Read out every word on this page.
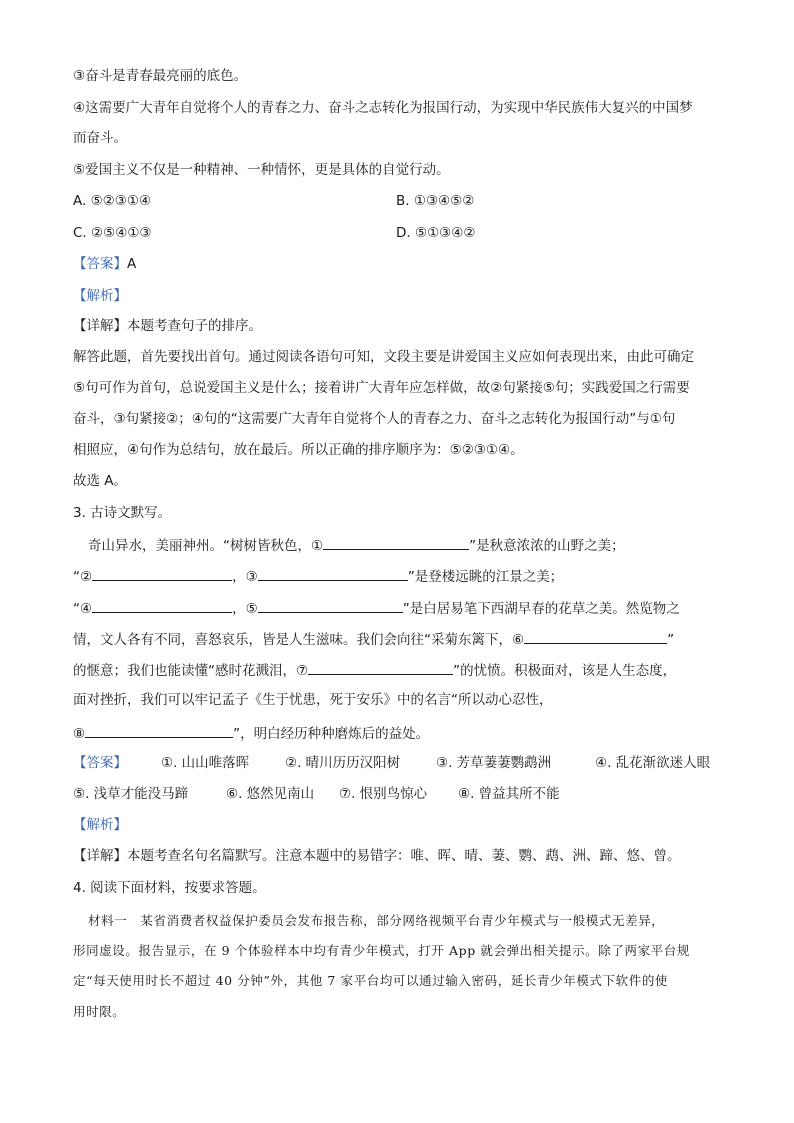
③奋斗是青春最亮丽的底色。
④这需要广大青年自觉将个人的青春之力、奋斗之志转化为报国行动，为实现中华民族伟大复兴的中国梦
而奋斗。
⑤爱国主义不仅是一种精神、一种情怀，更是具体的自觉行动。
A. ⑤②③①④	B. ①③④⑤②
C. ②⑤④①③	D. ⑤①③④②
【答案】A
【解析】
【详解】本题考查句子的排序。
解答此题，首先要找出首句。通过阅读各语句可知，文段主要是讲爱国主义应如何表现出来，由此可确定
⑤句可作为首句，总说爱国主义是什么；接着讲广大青年应怎样做，故②句紧接⑤句；实践爱国之行需要
奋斗，③句紧接②；④句的“这需要广大青年自觉将个人的青春之力、奋斗之志转化为报国行动”与①句
相照应，④句作为总结句，放在最后。所以正确的排序顺序为：⑤②③①④。
故选 A。
3. 古诗文默写。
奇山异水，美丽神州。“树树皆秋色，①	”是秋意浓浓的山野之美；
“②	，③	”是登楼远眺的江景之美；
“④	，⑤	”是白居易笔下西湖早春的花草之美。然览物之
情，文人各有不同，喜怒哀乐，皆是人生滋味。我们会向往“采菊东篱下，⑥	”
的惬意；我们也能读懂“感时花溅泪，⑦	”的忧愤。积极面对，该是人生态度，
面对挫折，我们可以牢记孟子《生于忧患，死于安乐》中的名言“所以动心忍性，
⑧	”，明白经历种种磨炼后的益处。
【答案】	①. 山山唯落晖	②. 晴川历历汉阳树	③. 芳草萋萋鹦鹉洲	④. 乱花渐欲迷人眼
⑤. 浅草才能没马蹄	⑥. 悠然见南山 ⑦. 恨别鸟惊心 ⑧. 曾益其所不能
【解析】
【详解】本题考查名句名篇默写。注意本题中的易错字：唯、晖、晴、萋、鹦、鹉、洲、蹄、悠、曾。
4. 阅读下面材料，按要求答题。
材料一　某省消费者权益保护委员会发布报告称，部分网络视频平台青少年模式与一般模式无差异，
形同虚设。报告显示，在 9 个体验样本中均有青少年模式，打开 App 就会弹出相关提示。除了两家平台规
定“每天使用时长不超过 40 分钟”外，其他 7 家平台均可以通过输入密码，延长青少年模式下软件的使
用时限。
